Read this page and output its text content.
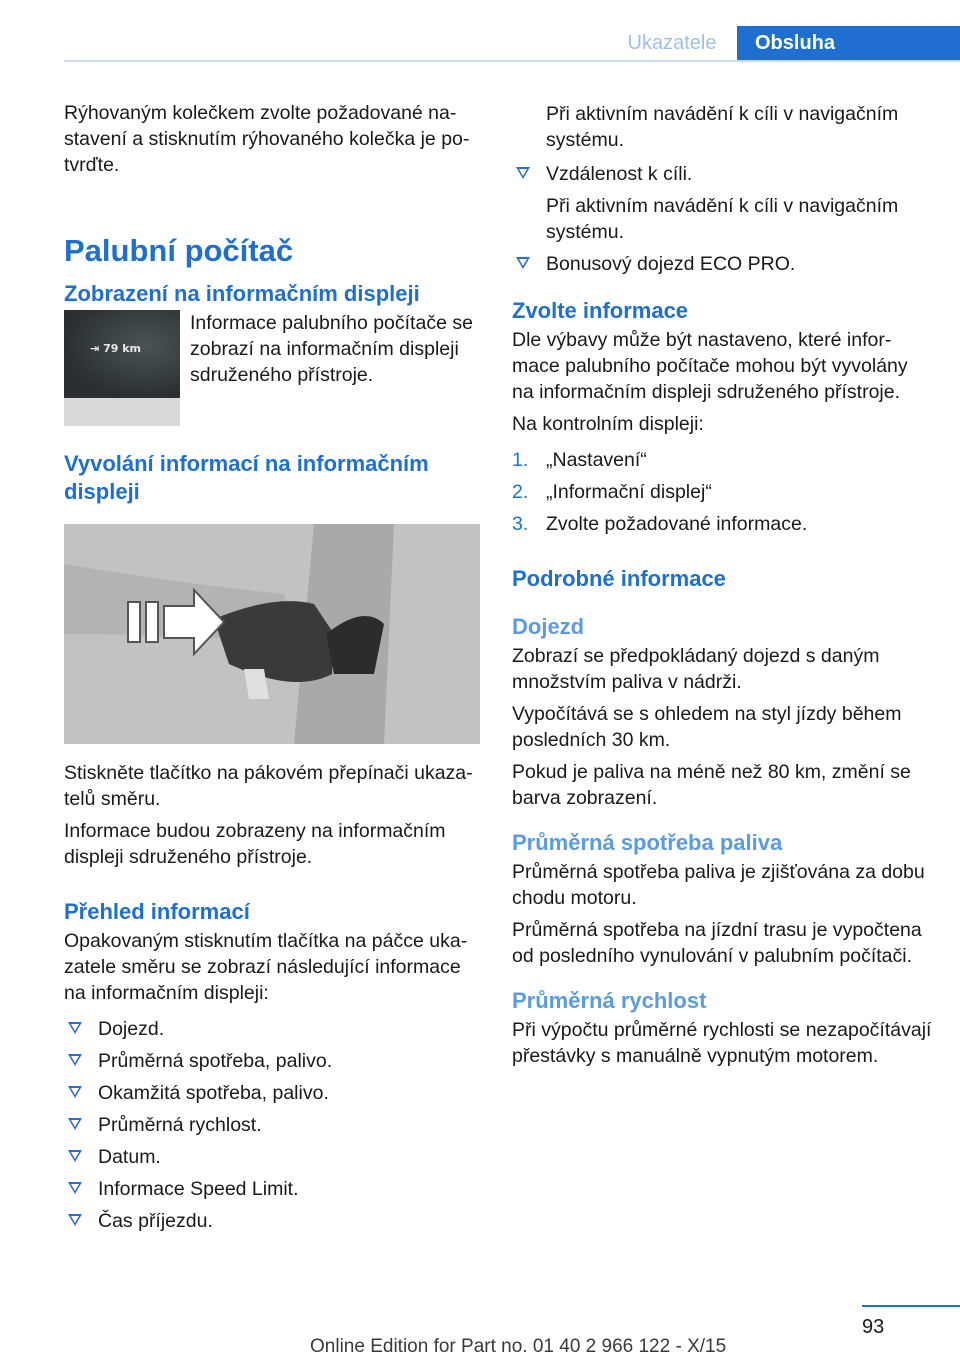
Ukazatele	Obsluha

Rýhovaným kolečkem zvolte požadované nastavení a stisknutím rýhovaného kolečka je potvrďte.

Palubní počítač
Zobrazení na informačním displeji
⇥ 79 km
Informace palubního počítače se zobrazí na informačním displeji sdruženého přístroje.
Vyvolání informací na informačním displeji

Stiskněte tlačítko na pákovém přepínači ukazatelů směru.

Informace budou zobrazeny na informačním displeji sdruženého přístroje.

Přehled informací

Opakovaným stisknutím tlačítka na páčce ukazatele směru se zobrazí následující informace na informačním displeji:

Dojezd.
Průměrná spotřeba, palivo.
Okamžitá spotřeba, palivo.
Průměrná rychlost.
Datum.
Informace Speed Limit.
Čas příjezdu.

Při aktivním navádění k cíli v navigačním systému.

Vzdálenost k cíli.
Při aktivním navádění k cíli v navigačním systému.
Bonusový dojezd ECO PRO.
Zvolte informace

Dle výbavy může být nastaveno, které informace palubního počítače mohou být vyvolány na informačním displeji sdruženého přístroje.

Na kontrolním displeji:

1. „Nastavení“
2. „Informační displej“
3. Zvolte požadované informace.
Podrobné informace
Dojezd

Zobrazí se předpokládaný dojezd s daným množstvím paliva v nádrži.

Vypočítává se s ohledem na styl jízdy během posledních 30 km.

Pokud je paliva na méně než 80 km, změní se barva zobrazení.

Průměrná spotřeba paliva

Průměrná spotřeba paliva je zjišťována za dobu chodu motoru.

Průměrná spotřeba na jízdní trasu je vypočtena od posledního vynulování v palubním počítači.

Průměrná rychlost

Při výpočtu průměrné rychlosti se nezapočítávají přestávky s manuálně vypnutým motorem.

93
Online Edition for Part no. 01 40 2 966 122 - X/15
